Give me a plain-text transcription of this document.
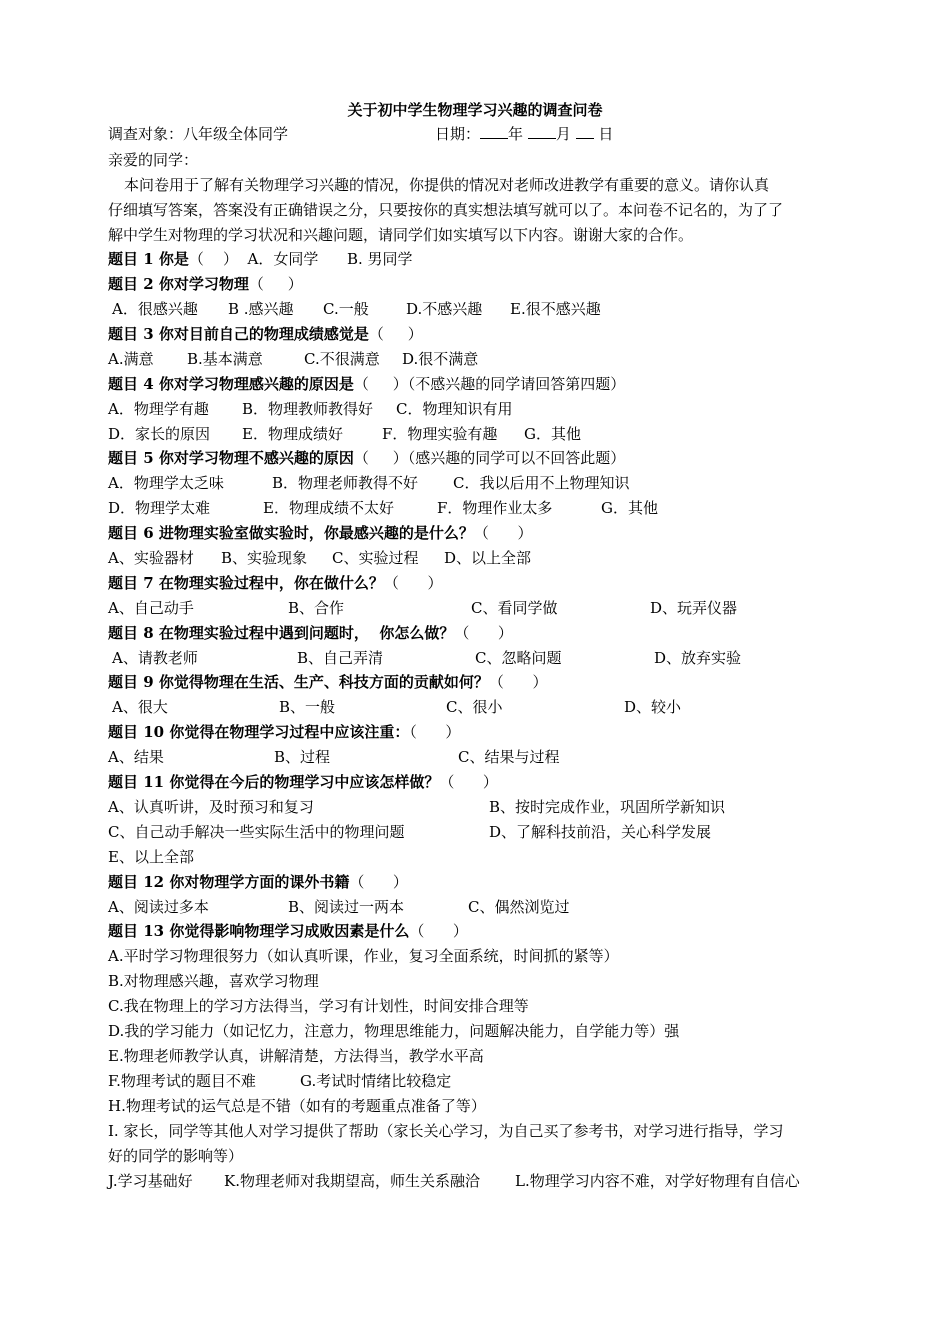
关于初中学生物理学习兴趣的调查问卷
调查对象：八年级全体同学	日期： 年 月 日
亲爱的同学：
本问卷用于了解有关物理学习兴趣的情况，你提供的情况对老师改进教学有重要的意义。请你认真
仔细填写答案，答案没有正确错误之分，只要按你的真实想法填写就可以了。本问卷不记名的，为了了
解中学生对物理的学习状况和兴趣问题，请同学们如实填写以下内容。谢谢大家的合作。
题目 1 你是（    ）  A．女同学      B. 男同学
题目 2 你对学习物理（     ）
A．很感兴趣 B .感兴趣 C.一般 D.不感兴趣 E.很不感兴趣
题目 3 你对目前自己的物理成绩感觉是（     ）
A.满意 B.基本满意	C.不很满意 D.很不满意
题目 4 你对学习物理感兴趣的原因是（     ）（不感兴趣的同学请回答第四题）
A．物理学有趣 B．物理教师教得好 C．物理知识有用
D．家长的原因 E．物理成绩好	F．物理实验有趣 G．其他
题目 5 你对学习物理不感兴趣的原因（     ）（感兴趣的同学可以不回答此题）
A．物理学太乏味	B．物理老师教得不好 C．我以后用不上物理知识
D．物理学太难	E．物理成绩不太好	F．物理作业太多	G．其他
题目 6 进物理实验室做实验时，你最感兴趣的是什么？（      ）
A、实验器材 B、实验现象 C、实验过程 D、以上全部
题目 7 在物理实验过程中，你在做什么？（      ）
A、自己动手	B、合作	C、看同学做	D、玩弄仪器
题目 8 在物理实验过程中遇到问题时，  你怎么做？（      ）
A、请教老师	B、自己弄清	C、忽略问题	D、放弃实验
题目 9 你觉得物理在生活、生产、科技方面的贡献如何？（      ）
A、很大	B、一般	C、很小	D、较小
题目 10 你觉得在物理学习过程中应该注重：（      ）
A、结果	B、过程	C、结果与过程
题目 11 你觉得在今后的物理学习中应该怎样做？（      ）
A、认真听讲，及时预习和复习	B、按时完成作业，巩固所学新知识
C、自己动手解决一些实际生活中的物理问题	D、了解科技前沿，关心科学发展
E、以上全部
题目 12 你对物理学方面的课外书籍（      ）
A、阅读过多本	B、阅读过一两本	C、偶然浏览过
题目 13 你觉得影响物理学习成败因素是什么（      ）
A.平时学习物理很努力（如认真听课，作业，复习全面系统，时间抓的紧等）
B.对物理感兴趣，喜欢学习物理
C.我在物理上的学习方法得当，学习有计划性，时间安排合理等
D.我的学习能力（如记忆力，注意力，物理思维能力，问题解决能力，自学能力等）强
E.物理老师教学认真，讲解清楚，方法得当，教学水平高
F.物理考试的题目不难	G.考试时情绪比较稳定
H.物理考试的运气总是不错（如有的考题重点准备了等）
I. 家长，同学等其他人对学习提供了帮助（家长关心学习，为自己买了参考书，对学习进行指导，学习
好的同学的影响等）
J.学习基础好 K.物理老师对我期望高，师生关系融洽 L.物理学习内容不难，对学好物理有自信心
